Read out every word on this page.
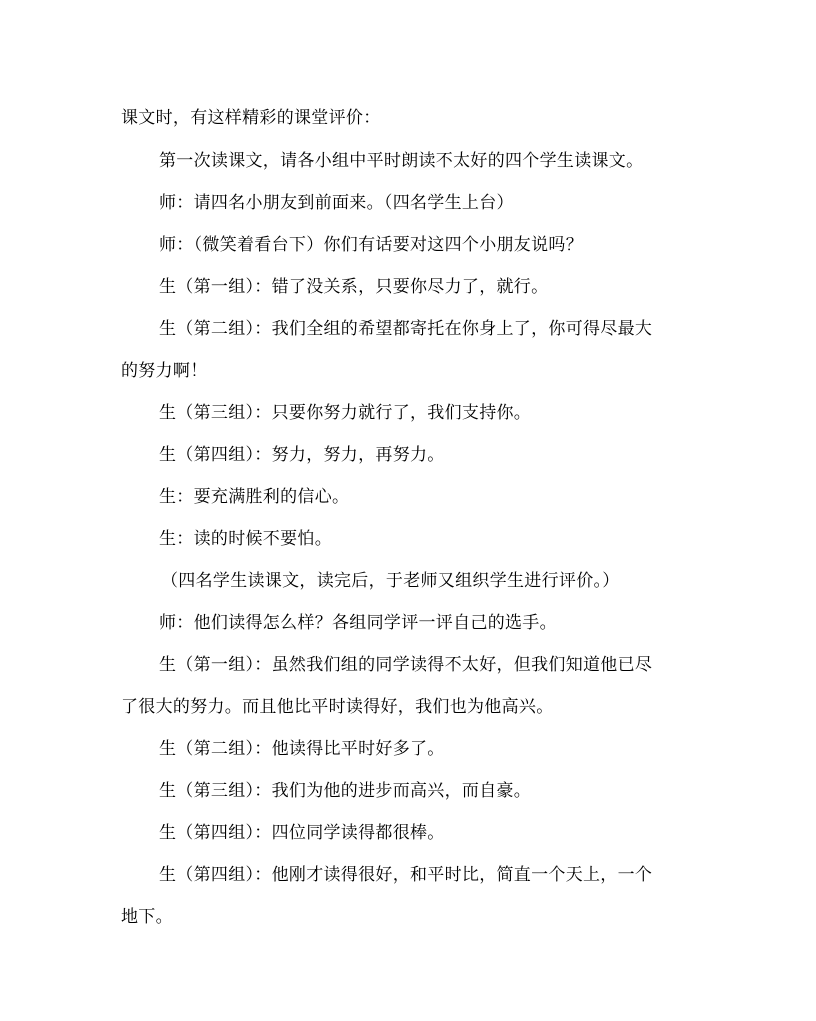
课文时，有这样精彩的课堂评价：
第一次读课文，请各小组中平时朗读不太好的四个学生读课文。
师：请四名小朋友到前面来。（四名学生上台）
师：（微笑着看台下）你们有话要对这四个小朋友说吗？
生（第一组）：错了没关系，只要你尽力了，就行。
生（第二组）：我们全组的希望都寄托在你身上了，你可得尽最大
的努力啊！
生（第三组）：只要你努力就行了，我们支持你。
生（第四组）：努力，努力，再努力。
生：要充满胜利的信心。
生：读的时候不要怕。
（四名学生读课文，读完后，于老师又组织学生进行评价。）
师：他们读得怎么样？各组同学评一评自己的选手。
生（第一组）：虽然我们组的同学读得不太好，但我们知道他已尽
了很大的努力。而且他比平时读得好，我们也为他高兴。
生（第二组）：他读得比平时好多了。
生（第三组）：我们为他的进步而高兴，而自豪。
生（第四组）：四位同学读得都很棒。
生（第四组）：他刚才读得很好，和平时比，简直一个天上，一个
地下。
